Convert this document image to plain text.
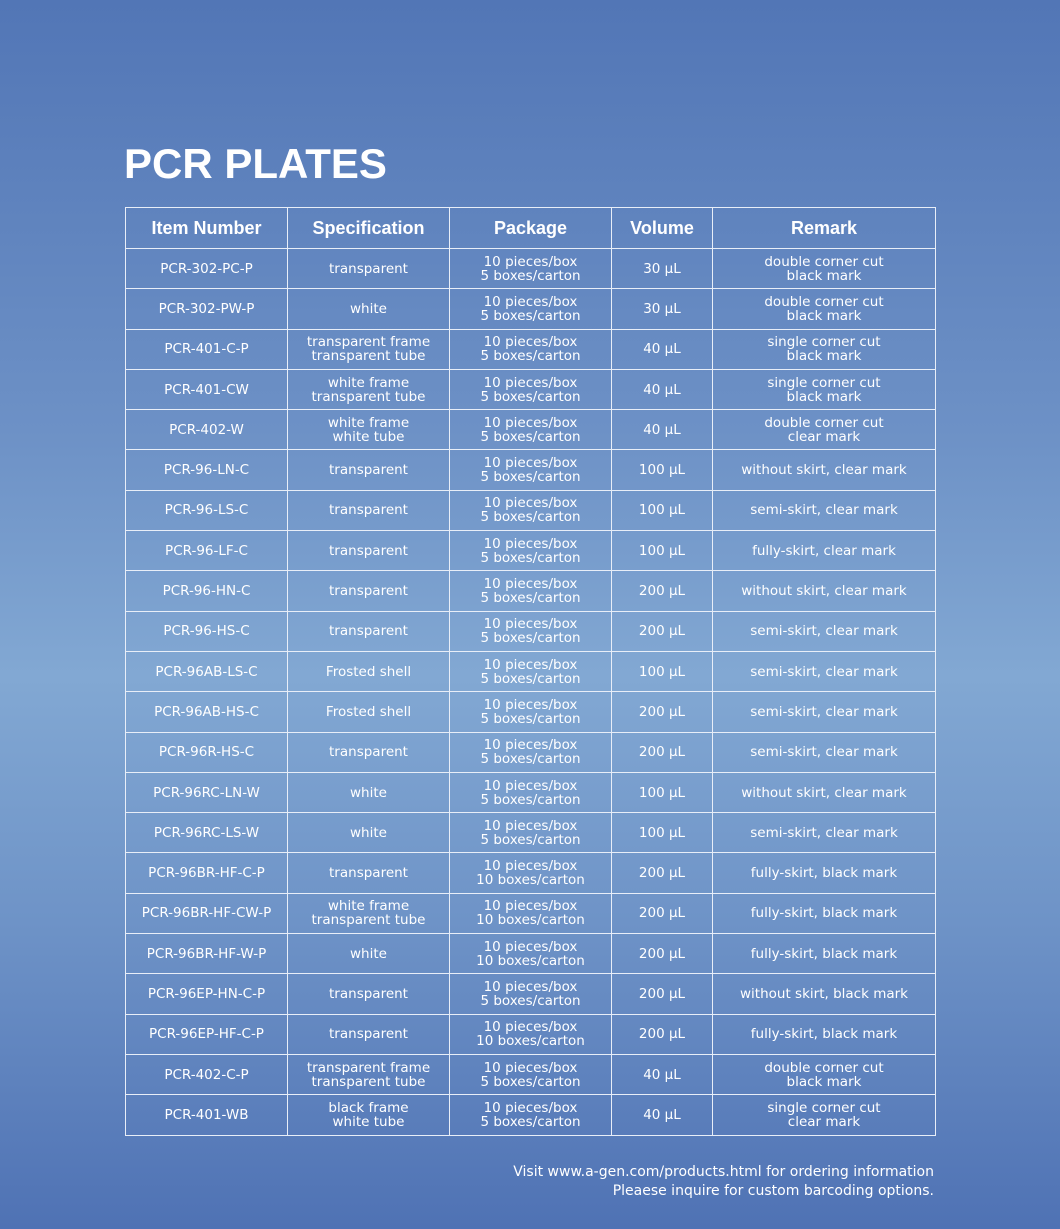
PCR PLATES
Item Number	Specification	Package	Volume	Remark
PCR-302-PC-P	transparent	10 pieces/box
5 boxes/carton	30 μL	double corner cut
black mark

PCR-302-PW-P	white	10 pieces/box
5 boxes/carton	30 μL	double corner cut
black mark

PCR-401-C-P	transparent frame
transparent tube	10 pieces/box
5 boxes/carton	40 μL	single corner cut
black mark

PCR-401-CW	white frame
transparent tube	10 pieces/box
5 boxes/carton	40 μL	single corner cut
black mark

PCR-402-W	white frame
white tube	10 pieces/box
5 boxes/carton	40 μL	double corner cut
clear mark

PCR-96-LN-C	transparent	10 pieces/box
5 boxes/carton	100 μL	without skirt, clear mark

PCR-96-LS-C	transparent	10 pieces/box
5 boxes/carton	100 μL	semi-skirt, clear mark

PCR-96-LF-C	transparent	10 pieces/box
5 boxes/carton	100 μL	fully-skirt, clear mark

PCR-96-HN-C	transparent	10 pieces/box
5 boxes/carton	200 μL	without skirt, clear mark

PCR-96-HS-C	transparent	10 pieces/box
5 boxes/carton	200 μL	semi-skirt, clear mark

PCR-96AB-LS-C	Frosted shell	10 pieces/box
5 boxes/carton	100 μL	semi-skirt, clear mark

PCR-96AB-HS-C	Frosted shell	10 pieces/box
5 boxes/carton	200 μL	semi-skirt, clear mark

PCR-96R-HS-C	transparent	10 pieces/box
5 boxes/carton	200 μL	semi-skirt, clear mark

PCR-96RC-LN-W	white	10 pieces/box
5 boxes/carton	100 μL	without skirt, clear mark

PCR-96RC-LS-W	white	10 pieces/box
5 boxes/carton	100 μL	semi-skirt, clear mark

PCR-96BR-HF-C-P	transparent	10 pieces/box
10 boxes/carton	200 μL	fully-skirt, black mark

PCR-96BR-HF-CW-P	white frame
transparent tube	10 pieces/box
10 boxes/carton	200 μL	fully-skirt, black mark

PCR-96BR-HF-W-P	white	10 pieces/box
10 boxes/carton	200 μL	fully-skirt, black mark

PCR-96EP-HN-C-P	transparent	10 pieces/box
5 boxes/carton	200 μL	without skirt, black mark

PCR-96EP-HF-C-P	transparent	10 pieces/box
10 boxes/carton	200 μL	fully-skirt, black mark

PCR-402-C-P	transparent frame
transparent tube	10 pieces/box
5 boxes/carton	40 μL	double corner cut
black mark

PCR-401-WB	black frame
white tube	10 pieces/box
5 boxes/carton	40 μL	single corner cut
clear mark
Visit www.a-gen.com/products.html for ordering information
Pleaese inquire for custom barcoding options.
